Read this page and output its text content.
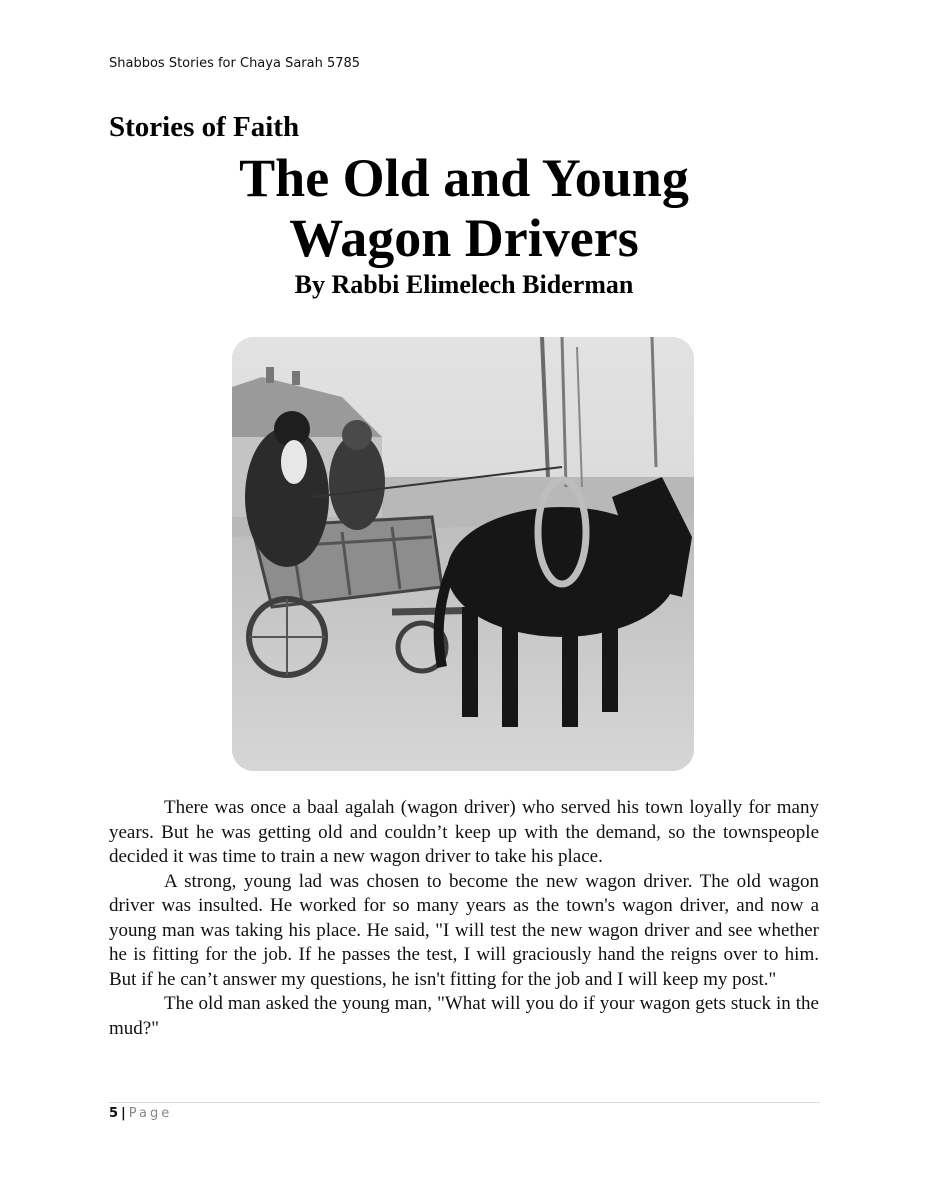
Shabbos Stories for Chaya Sarah 5785
Stories of Faith
The Old and Young
Wagon Drivers
By Rabbi Elimelech Biderman

There was once a baal agalah (wagon driver) who served his town loyally for many years. But he was getting old and couldn’t keep up with the demand, so the townspeople decided it was time to train a new wagon driver to take his place.

A strong, young lad was chosen to become the new wagon driver. The old wagon driver was insulted. He worked for so many years as the town's wagon driver, and now a young man was taking his place. He said, "I will test the new wagon driver and see whether he is fitting for the job. If he passes the test, I will graciously hand the reigns over to him. But if he can’t answer my questions, he isn't fitting for the job and I will keep my post."

The old man asked the young man, "What will you do if your wagon gets stuck in the mud?"

5 | Page
